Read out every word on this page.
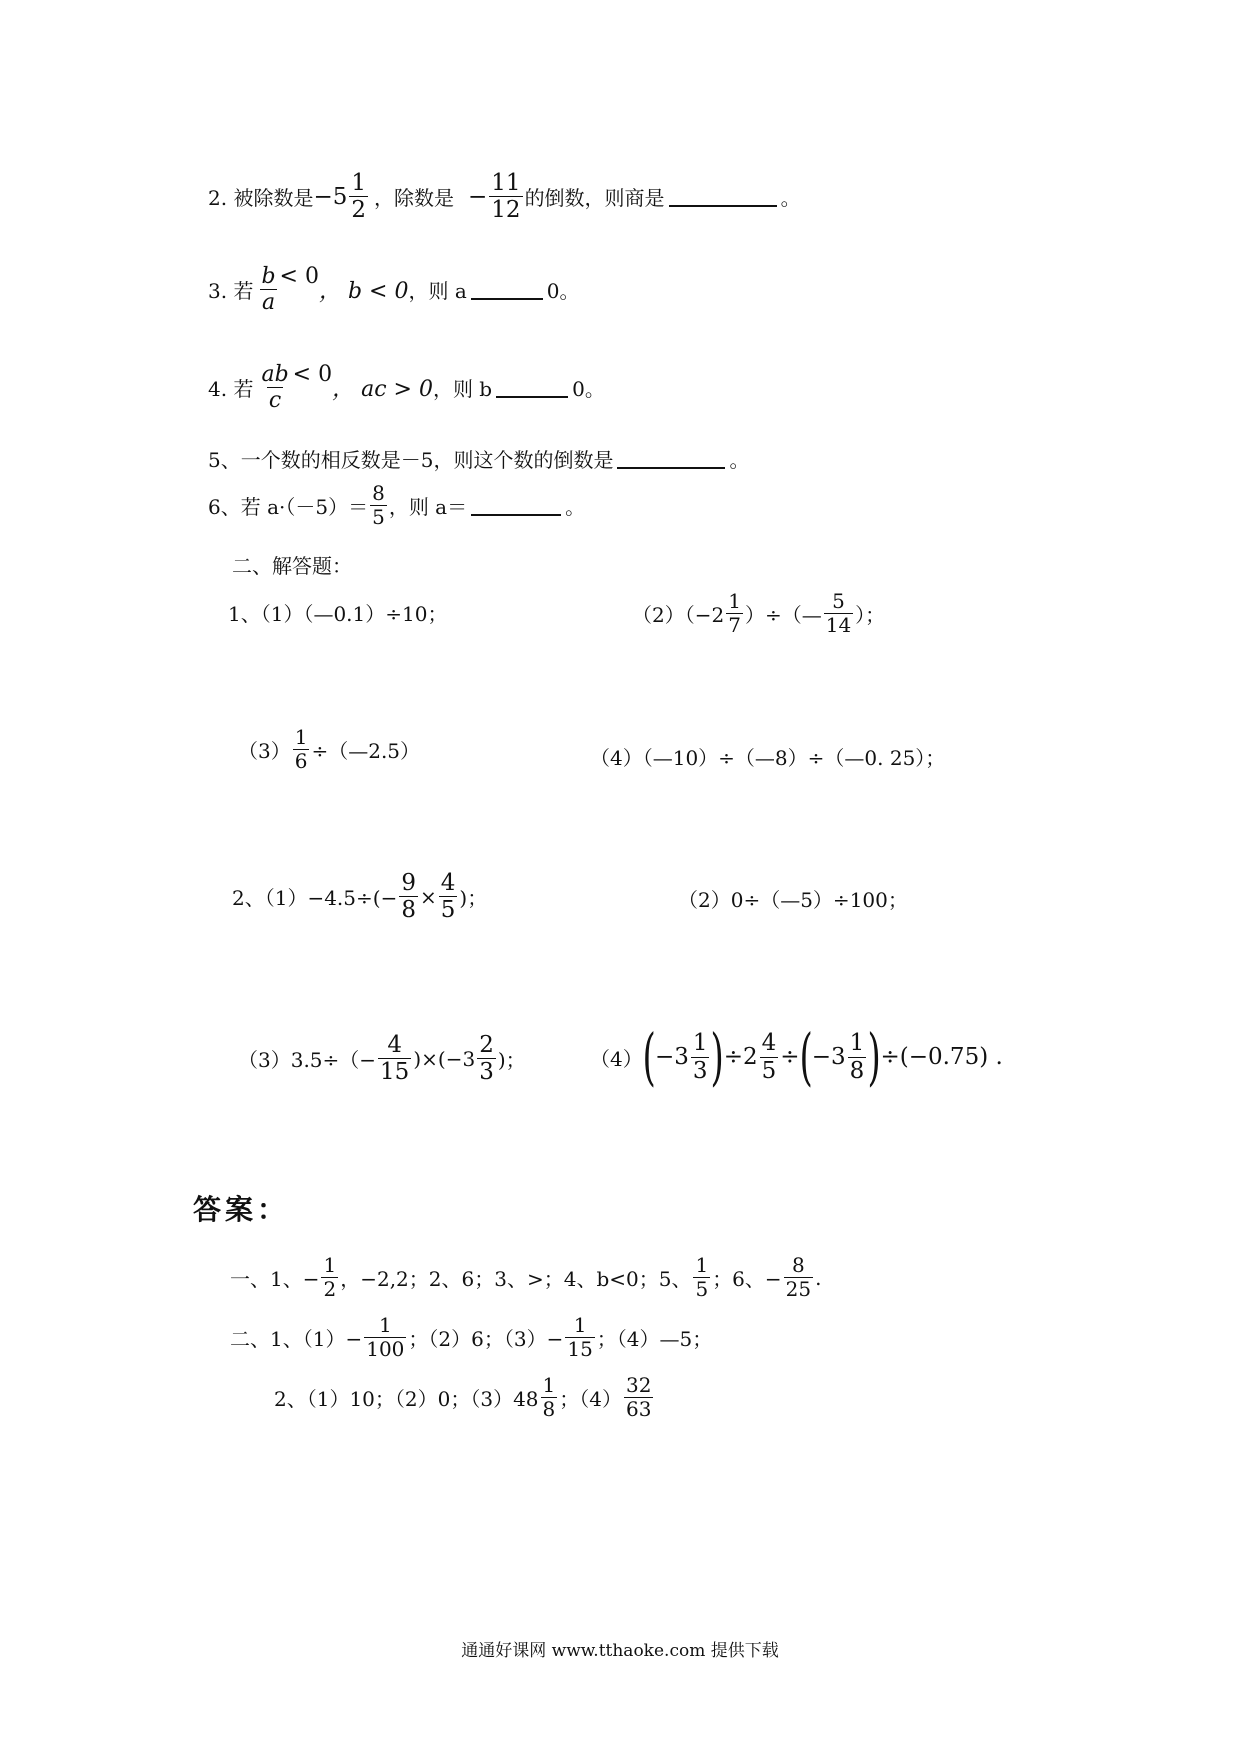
2. 被除数是 $-5 \frac{1}{2}$ ，除数是 − $\frac{11}{12}$ 的倒数，则商是	。
3. 若 $\frac{b}{a} < 0$
， b < 0 ，则 a	0。
4. 若 $\frac{ab}{c} < 0$
， ac > 0 ，则 b	0。
5、一个数的相反数是－5，则这个数的倒数是	。
6、若 $a\cdot(-5)= \frac{8}{5}$ ，则 a＝	。
二、解答题：
1、（1）（—0.1）÷10；	$(2)(-2 \frac{1}{7}$ ）÷（— $\frac{5}{14}$ ）；
$(3) \frac{1}{6}$ ÷（—2.5）	（4）（—10）÷（—8）÷（—0. 25）；
2、$(1)-4.5\div(- \frac{9}{8} \times \frac{4}{5}$ )；	（2）0÷（—5）÷100；
$(3)3.5\div(- \frac{4}{15} )\times(-3 \frac{2}{3}$ )；	（4） ( $-3 \frac{1}{3}$ ) $\div 2 \frac{4}{5}$ ÷ ( $-3 \frac{1}{8}$ ) ÷(−0.75) .
答案：
一、1、− $\frac{1}{2}$ ，−2,2；2、6；3、>；4、b<0；5、 $\frac{1}{5}$ ；6、− $\frac{8}{25}$ .
二、1、$(1)- \frac{1}{100}$ ；（2）6；$(3)- \frac{1}{15}$ ；（4）—5；
2、（1）10；（2）0；$(3)48 \frac{1}{8}$ ；$(4) \frac{32}{63}$
通通好课网 www.tthaoke.com 提供下载
